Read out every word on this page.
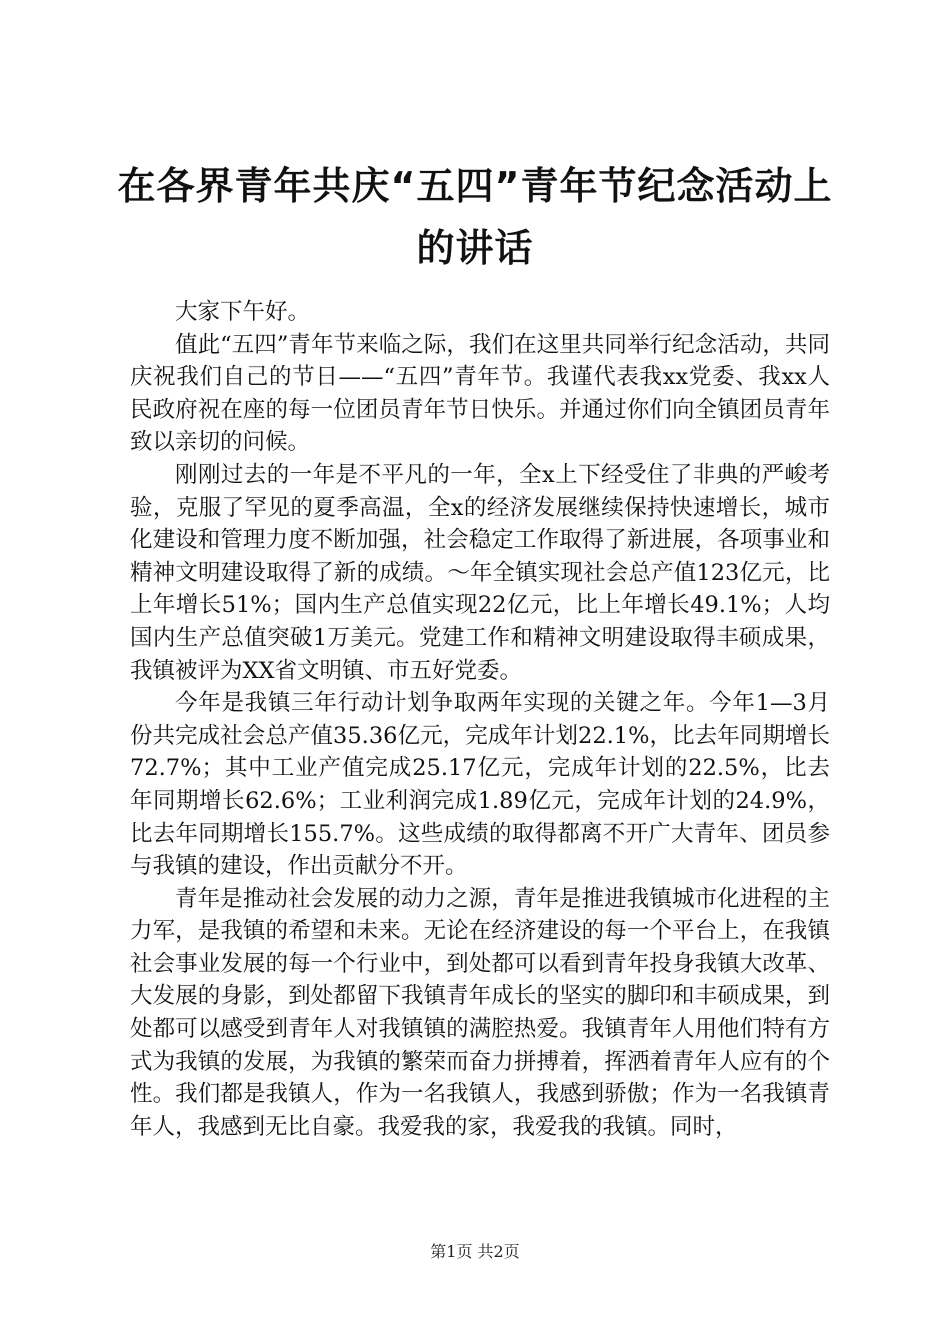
在各界青年共庆“五四”青年节纪念活动上的讲话

大家下午好。

值此“五四”青年节来临之际，我们在这里共同举行纪念活动，共同庆祝我们自己的节日——“五四”青年节。我谨代表我xx党委、我xx人民政府祝在座的每一位团员青年节日快乐。并通过你们向全镇团员青年致以亲切的问候。

刚刚过去的一年是不平凡的一年，全x上下经受住了非典的严峻考验，克服了罕见的夏季高温，全x的经济发展继续保持快速增长，城市化建设和管理力度不断加强，社会稳定工作取得了新进展，各项事业和精神文明建设取得了新的成绩。～年全镇实现社会总产值123亿元，比上年增长51%；国内生产总值实现22亿元，比上年增长49.1%；人均国内生产总值突破1万美元。党建工作和精神文明建设取得丰硕成果，我镇被评为XX省文明镇、市五好党委。

今年是我镇三年行动计划争取两年实现的关键之年。今年1—3月份共完成社会总产值35.36亿元，完成年计划22.1%，比去年同期增长72.7%；其中工业产值完成25.17亿元，完成年计划的22.5%，比去年同期增长62.6%；工业利润完成1.89亿元，完成年计划的24.9%，比去年同期增长155.7%。这些成绩的取得都离不开广大青年、团员参与我镇的建设，作出贡献分不开。

青年是推动社会发展的动力之源，青年是推进我镇城市化进程的主力军，是我镇的希望和未来。无论在经济建设的每一个平台上，在我镇社会事业发展的每一个行业中，到处都可以看到青年投身我镇大改革、大发展的身影，到处都留下我镇青年成长的坚实的脚印和丰硕成果，到处都可以感受到青年人对我镇镇的满腔热爱。我镇青年人用他们特有方式为我镇的发展，为我镇的繁荣而奋力拼搏着，挥洒着青年人应有的个性。我们都是我镇人，作为一名我镇人，我感到骄傲；作为一名我镇青年人，我感到无比自豪。我爱我的家，我爱我的我镇。同时，

第1页 共2页
